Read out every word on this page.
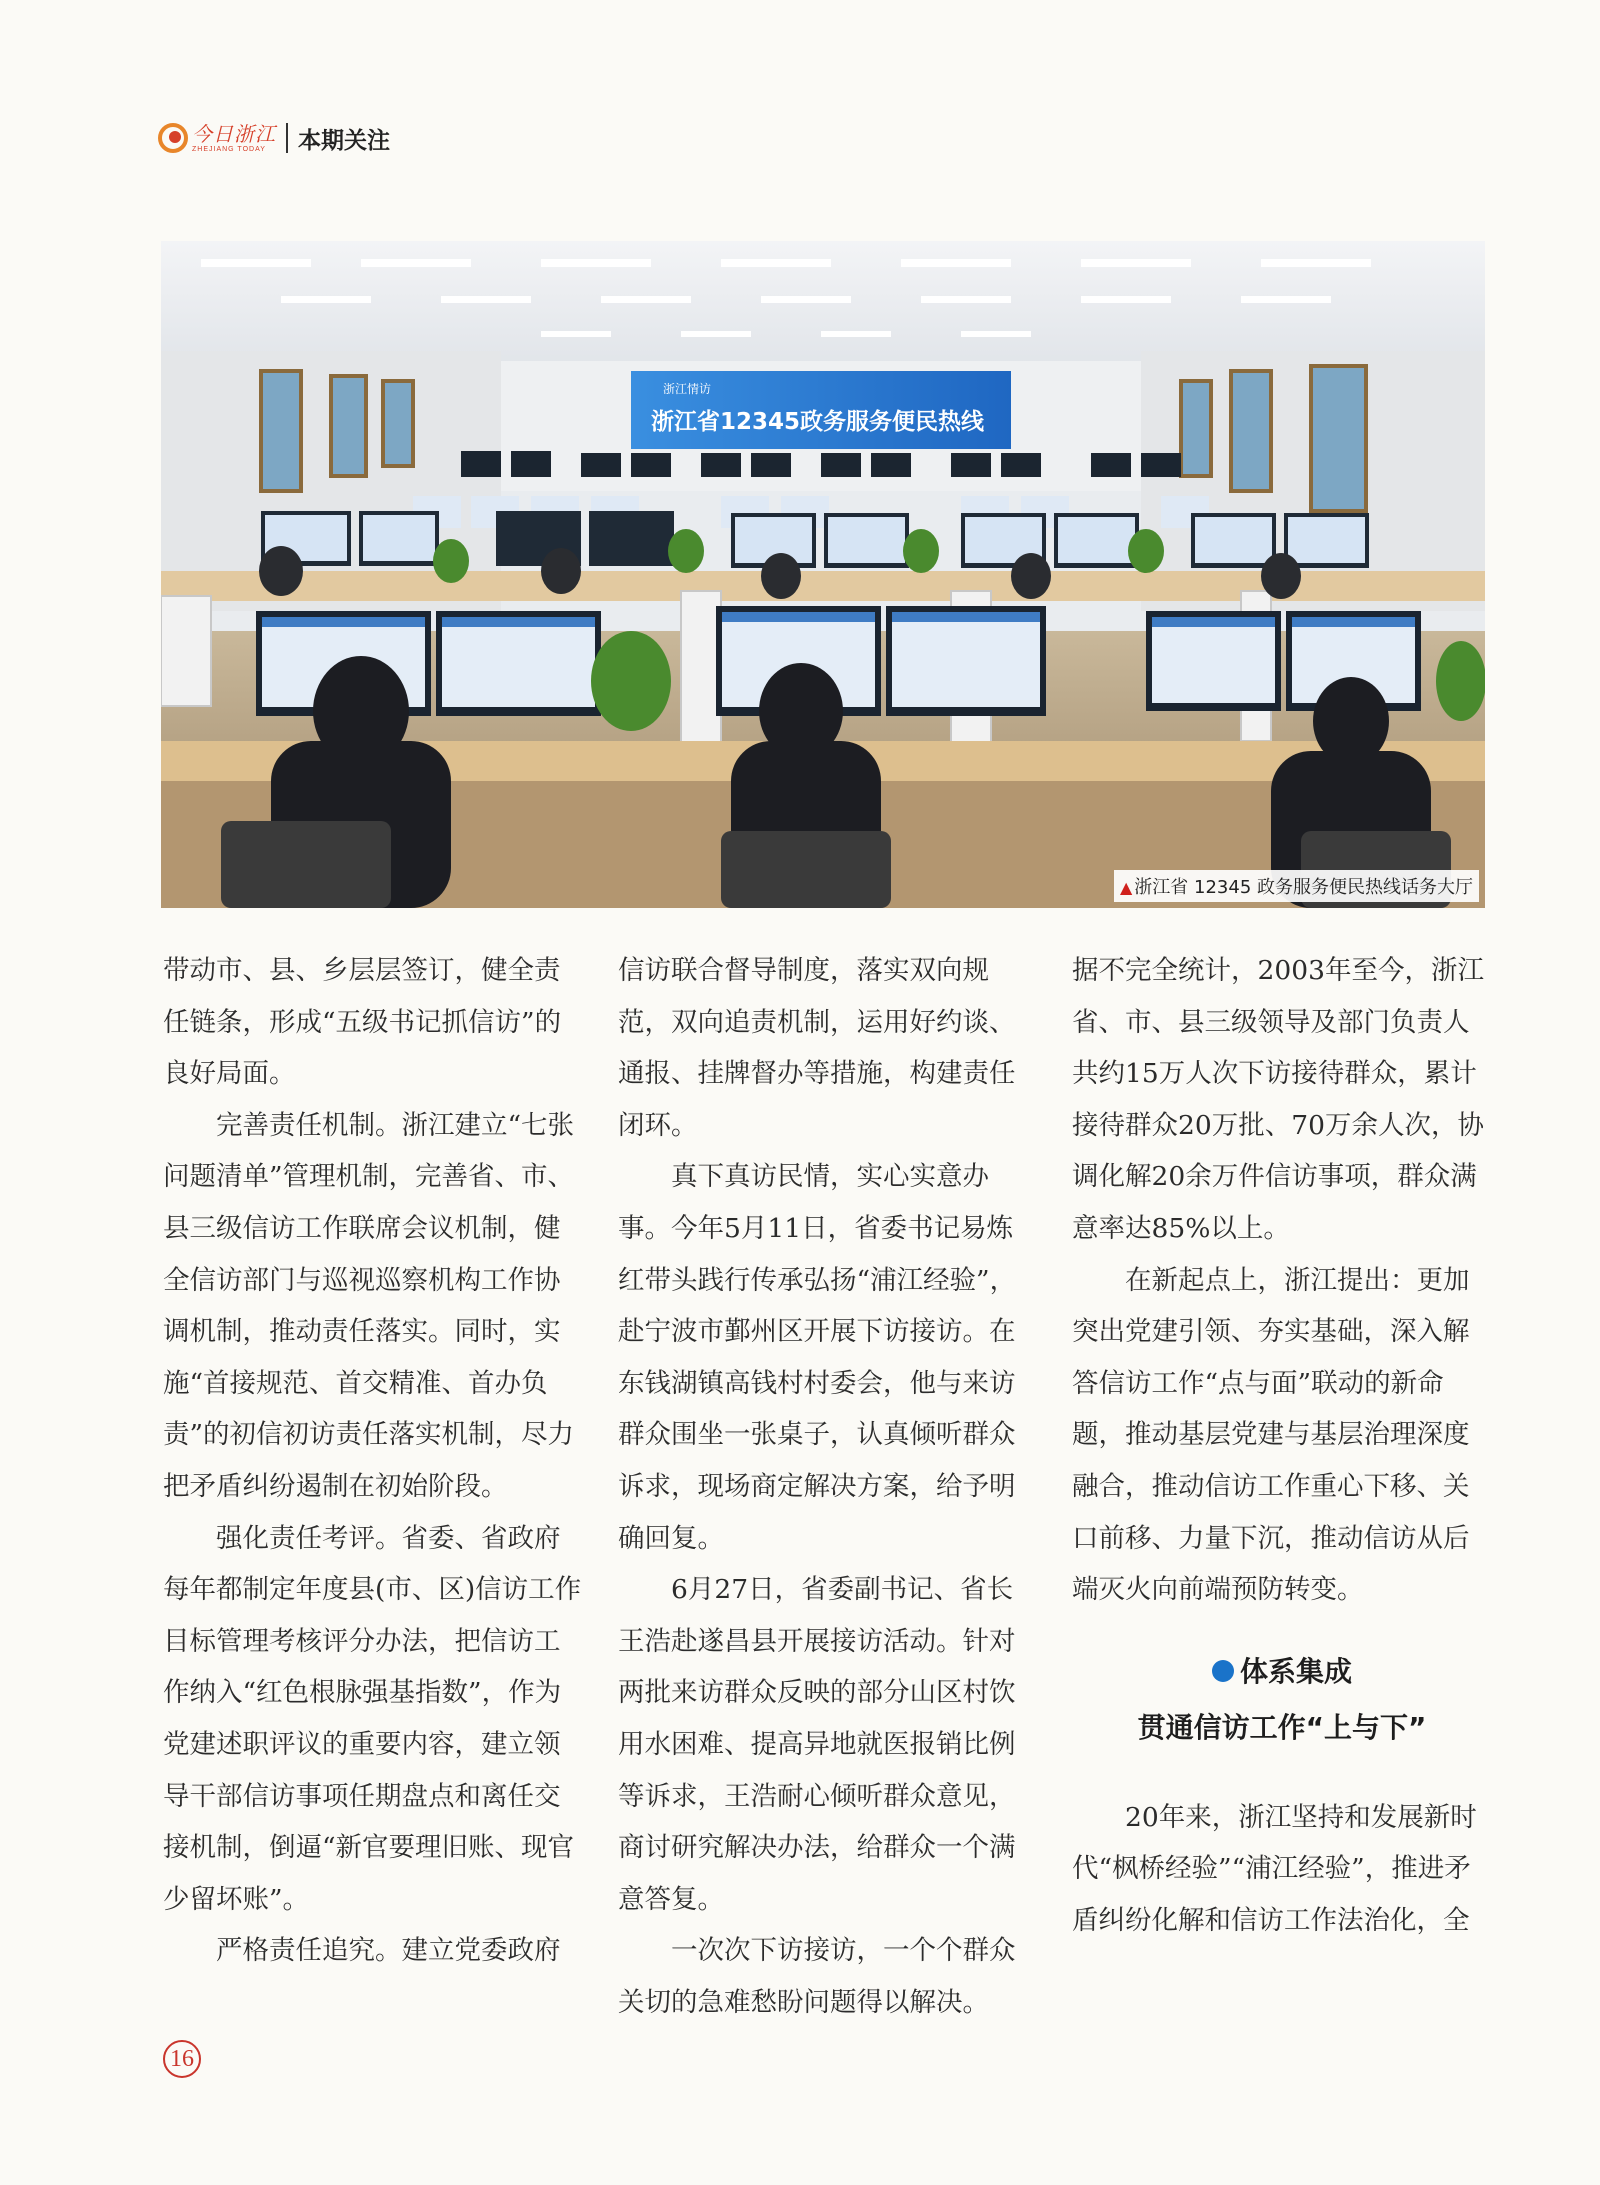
今日浙江
ZHEJIANG TODAY	本期关注
浙江情访
浙江省12345政务服务便民热线
▲ 浙江省 12345 政务服务便民热线话务大厅

带动市、县、乡层层签订，健全责任链条，形成“五级书记抓信访”的良好局面。

完善责任机制。浙江建立“七张问题清单”管理机制，完善省、市、县三级信访工作联席会议机制，健全信访部门与巡视巡察机构工作协调机制，推动责任落实。同时，实施“首接规范、首交精准、首办负责”的初信初访责任落实机制，尽力把矛盾纠纷遏制在初始阶段。

强化责任考评。省委、省政府每年都制定年度县(市、区)信访工作目标管理考核评分办法，把信访工作纳入“红色根脉强基指数”，作为党建述职评议的重要内容，建立领导干部信访事项任期盘点和离任交接机制，倒逼“新官要理旧账、现官少留坏账”。

严格责任追究。建立党委政府

信访联合督导制度，落实双向规范，双向追责机制，运用好约谈、通报、挂牌督办等措施，构建责任闭环。

真下真访民情，实心实意办事。今年5月11日，省委书记易炼红带头践行传承弘扬“浦江经验”，赴宁波市鄞州区开展下访接访。在东钱湖镇高钱村村委会，他与来访群众围坐一张桌子，认真倾听群众诉求，现场商定解决方案，给予明确回复。

6月27日，省委副书记、省长王浩赴遂昌县开展接访活动。针对两批来访群众反映的部分山区村饮用水困难、提高异地就医报销比例等诉求，王浩耐心倾听群众意见，商讨研究解决办法，给群众一个满意答复。

一次次下访接访，一个个群众关切的急难愁盼问题得以解决。

据不完全统计，2003年至今，浙江省、市、县三级领导及部门负责人共约15万人次下访接待群众，累计接待群众20万批、70万余人次，协调化解20余万件信访事项，群众满意率达85%以上。

在新起点上，浙江提出：更加突出党建引领、夯实基础，深入解答信访工作“点与面”联动的新命题，推动基层党建与基层治理深度融合，推动信访工作重心下移、关口前移、力量下沉，推动信访从后端灭火向前端预防转变。

体系集成
贯通信访工作“上与下”

20年来，浙江坚持和发展新时代“枫桥经验”“浦江经验”，推进矛盾纠纷化解和信访工作法治化，全

16
